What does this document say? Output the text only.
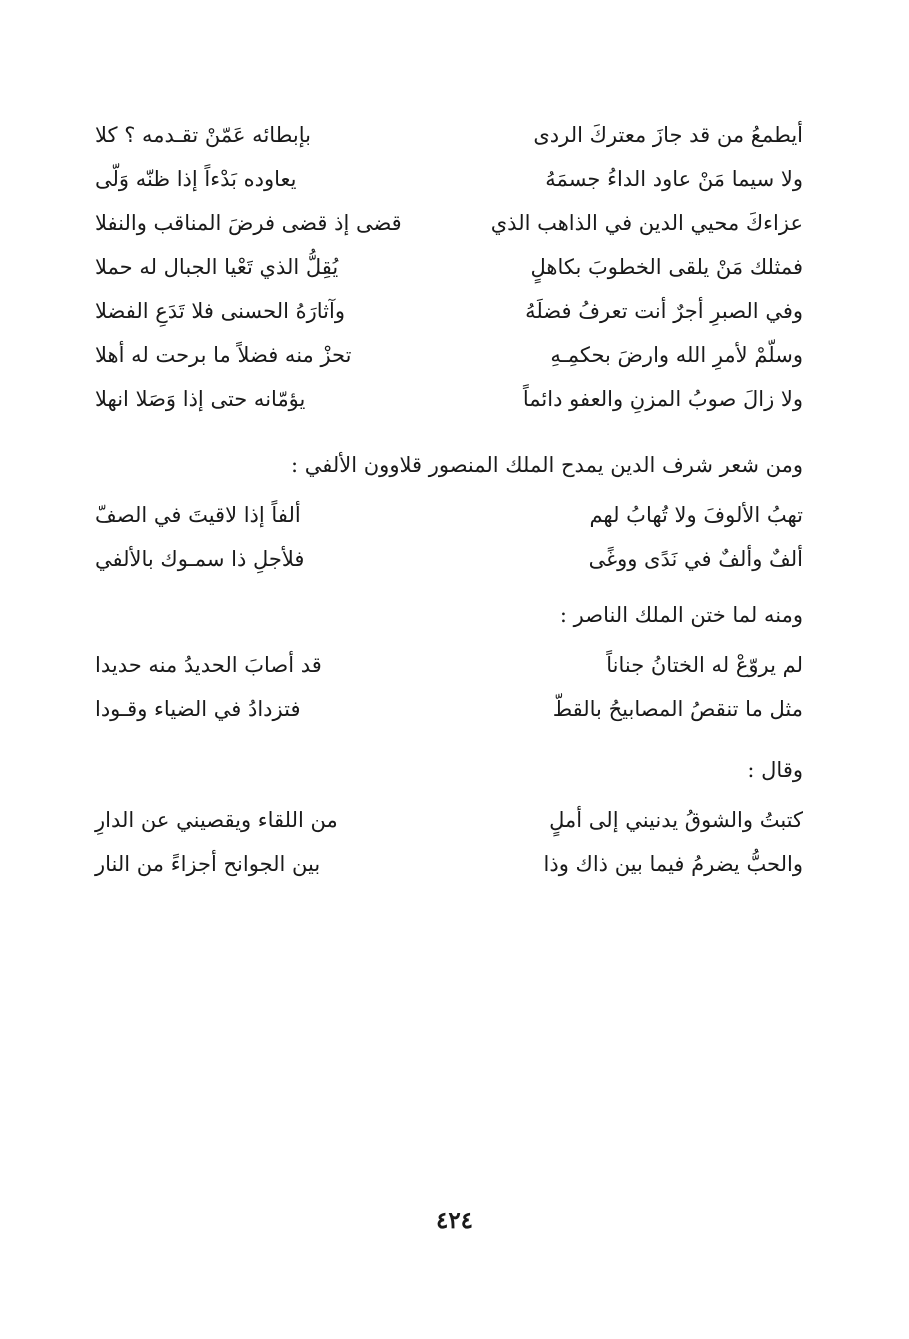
أيطمعُ من قد جازَ معتركَ الردى
بإبطائه عَمّنْ تقـدمه ؟ كلا
ولا سيما مَنْ عاود الداءُ جسمَهُ
يعاوده بَدْءاً إذا ظنّه وَلّى
عزاءكَ محيي الدين في الذاهب الذي
قضى إذ قضى فرضَ المناقب والنفلا
فمثلك مَنْ يلقى الخطوبَ بكاهلٍ
يُقِلُّ الذي تَعْيا الجبال له حملا
وفي الصبرِ أجرٌ أنت تعرفُ فضلَهُ
وآثارَهُ الحسنى فلا تَدَعِ الفضلا
وسلّمْ لأمرِ الله وارضَ بحكمِـهِ
تحزْ منه فضلاً ما برحت له أهلا
ولا زالَ صوبُ المزنِ والعفو دائماً
يؤمّانه حتى إذا وَصَلا انهلا
ومن شعر شرف الدين يمدح الملك المنصور قلاوون الألفي :
تهبُ الألوفَ ولا تُهابُ لهم
ألفاً إذا لاقيتَ في الصفّ
ألفٌ وألفٌ في نَدًى ووغًى
فلأجلِ ذا سمـوك بالألفي
ومنه لما ختن الملك الناصر :
لم يروّعْ له الختانُ جناناً
قد أصابَ الحديدُ منه حديدا
مثل ما تنقصُ المصابيحُ بالقطّ
فتزدادُ في الضياء وقـودا
وقال :
كتبتُ والشوقُ يدنيني إلى أملٍ
من اللقاء ويقصيني عن الدارِ
والحبُّ يضرمُ فيما بين ذاك وذا
بين الجوانح أجزاءً من النار
٤٢٤
